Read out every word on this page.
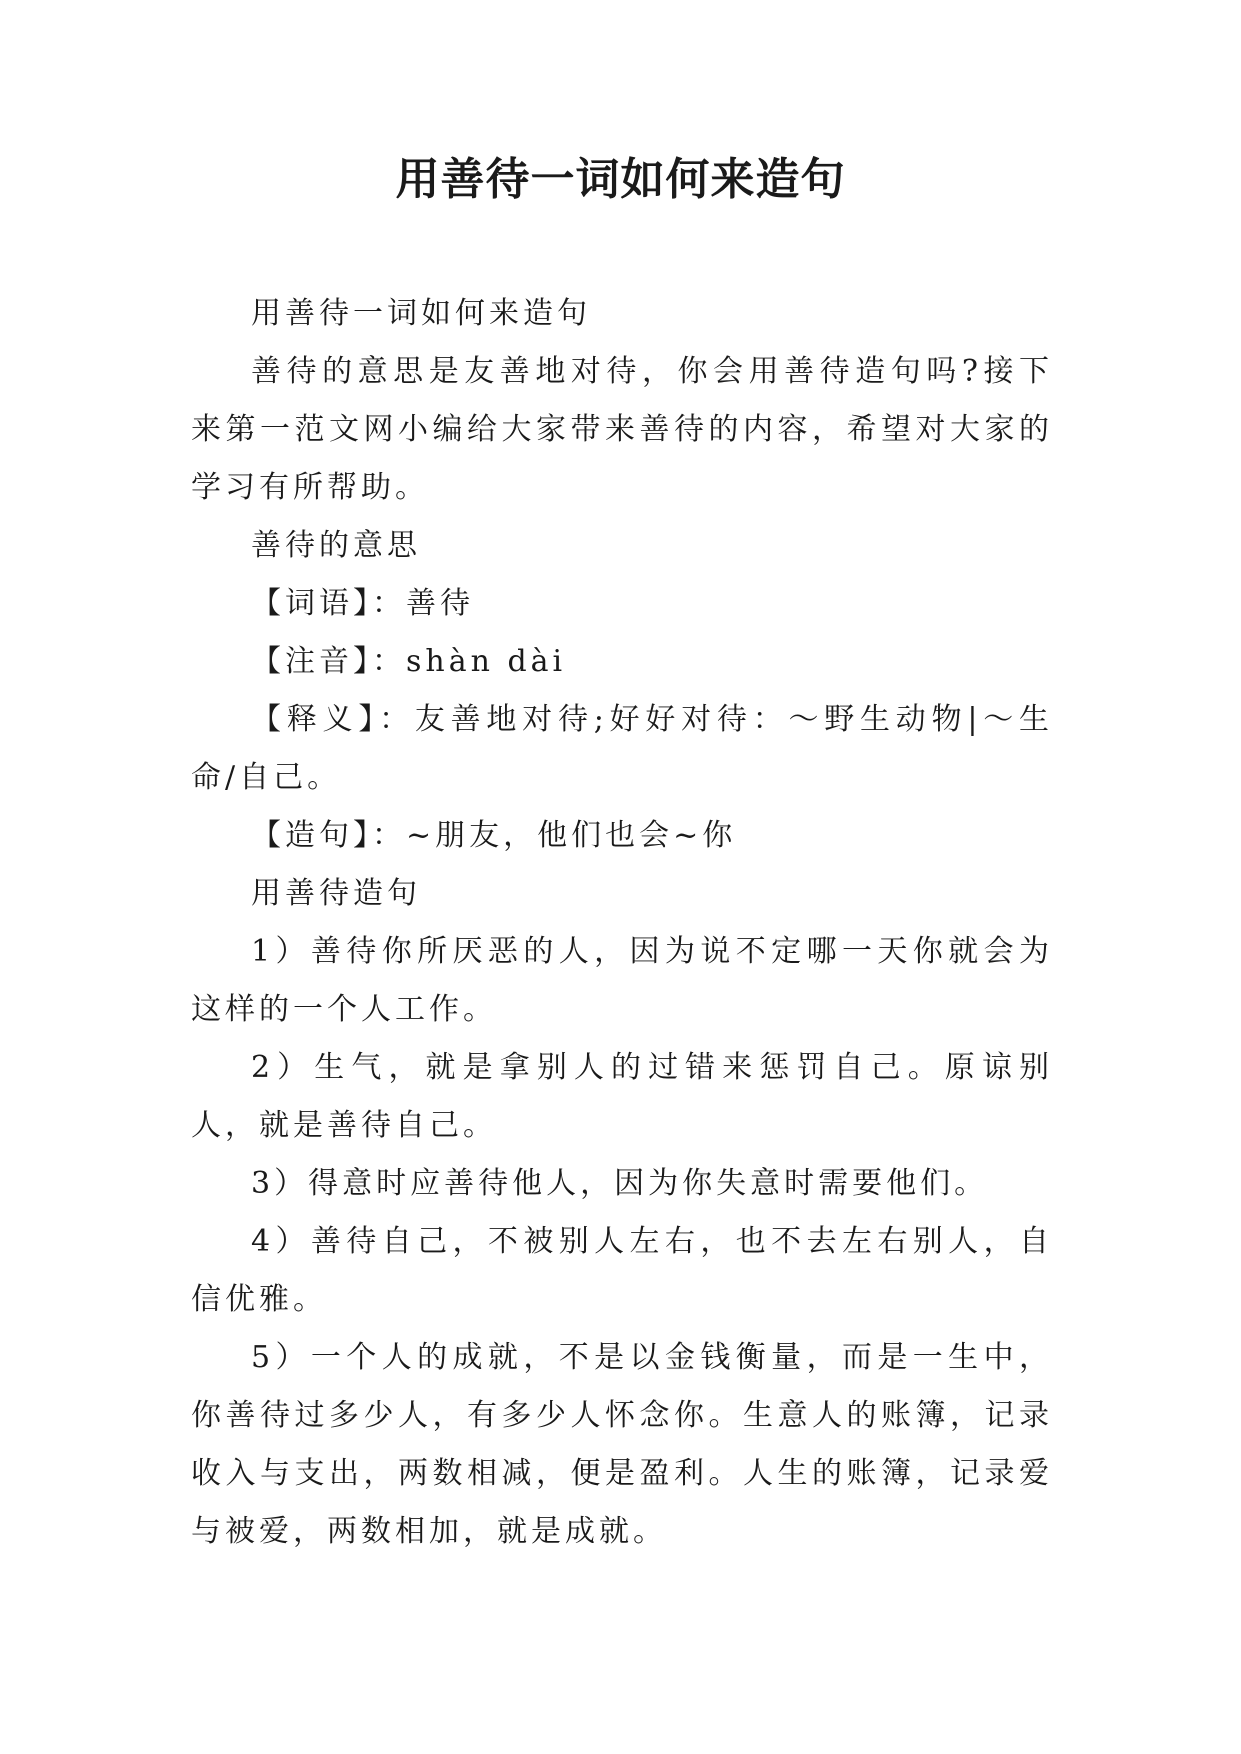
用善待一词如何来造句

用善待一词如何来造句

善待的意思是友善地对待，你会用善待造句吗?接下来第一范文网小编给大家带来善待的内容，希望对大家的学习有所帮助。

善待的意思

【词语】：善待

【注音】：shàn dài

【释义】：友善地对待;好好对待：～野生动物|～生命/自己。

【造句】：~朋友，他们也会~你

用善待造句

1）善待你所厌恶的人，因为说不定哪一天你就会为这样的一个人工作。

2）生气，就是拿别人的过错来惩罚自己。原谅别人，就是善待自己。

3）得意时应善待他人，因为你失意时需要他们。

4）善待自己，不被别人左右，也不去左右别人，自信优雅。

5）一个人的成就，不是以金钱衡量，而是一生中，你善待过多少人，有多少人怀念你。生意人的账簿，记录收入与支出，两数相减，便是盈利。人生的账簿，记录爱与被爱，两数相加，就是成就。
